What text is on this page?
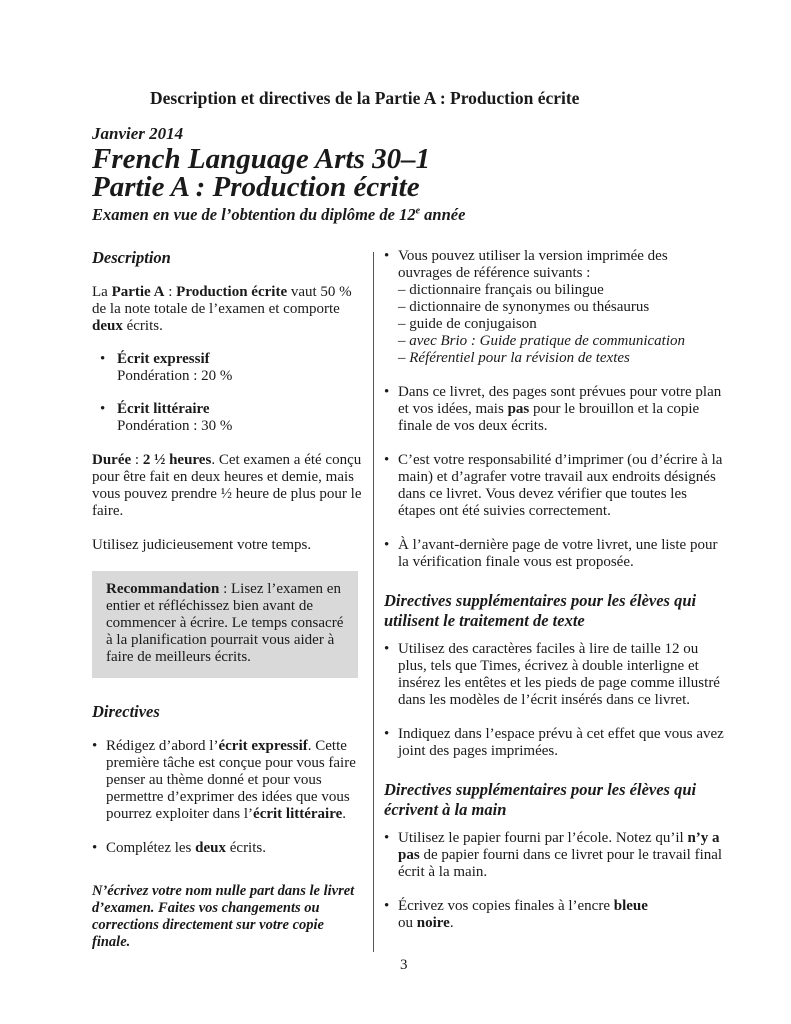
Description et directives de la Partie A : Production écrite
Janvier 2014
French Language Arts 30–1
Partie A : Production écrite
Examen en vue de l’obtention du diplôme de 12e année
Description

La Partie A : Production écrite vaut 50 % de la note totale de l’examen et comporte deux écrits.

• Écrit expressif
Pondération : 20 %
• Écrit littéraire
Pondération : 30 %

Durée : 2 ½ heures. Cet examen a été conçu pour être fait en deux heures et demie, mais vous pouvez prendre ½ heure de plus pour le faire.

Utilisez judicieusement votre temps.

Recommandation : Lisez l’examen en entier et réfléchissez bien avant de commencer à écrire. Le temps consacré à la planification pourrait vous aider à faire de meilleurs écrits.
Directives
• Rédigez d’abord l’écrit expressif. Cette première tâche est conçue pour vous faire penser au thème donné et pour vous permettre d’exprimer des idées que vous pourrez exploiter dans l’écrit littéraire.
• Complétez les deux écrits.

N’écrivez votre nom nulle part dans le livret d’examen. Faites vos changements ou corrections directement sur votre copie finale.

• Vous pouvez utiliser la version imprimée des ouvrages de référence suivants :
– dictionnaire français ou bilingue
– dictionnaire de synonymes ou thésaurus
– guide de conjugaison
– avec Brio : Guide pratique de communication
– Référentiel pour la révision de textes
• Dans ce livret, des pages sont prévues pour votre plan et vos idées, mais pas pour le brouillon et la copie finale de vos deux écrits.
• C’est votre responsabilité d’imprimer (ou d’écrire à la main) et d’agrafer votre travail aux endroits désignés dans ce livret. Vous devez vérifier que toutes les étapes ont été suivies correctement.
• À l’avant-dernière page de votre livret, une liste pour la vérification finale vous est proposée.
Directives supplémentaires pour les élèves qui utilisent le traitement de texte
• Utilisez des caractères faciles à lire de taille 12 ou plus, tels que Times, écrivez à double interligne et insérez les entêtes et les pieds de page comme illustré dans les modèles de l’écrit insérés dans ce livret.
• Indiquez dans l’espace prévu à cet effet que vous avez joint des pages imprimées.
Directives supplémentaires pour les élèves qui écrivent à la main
• Utilisez le papier fourni par l’école. Notez qu’il n’y a pas de papier fourni dans ce livret pour le travail final écrit à la main.
• Écrivez vos copies finales à l’encre bleue
ou noire.
3
